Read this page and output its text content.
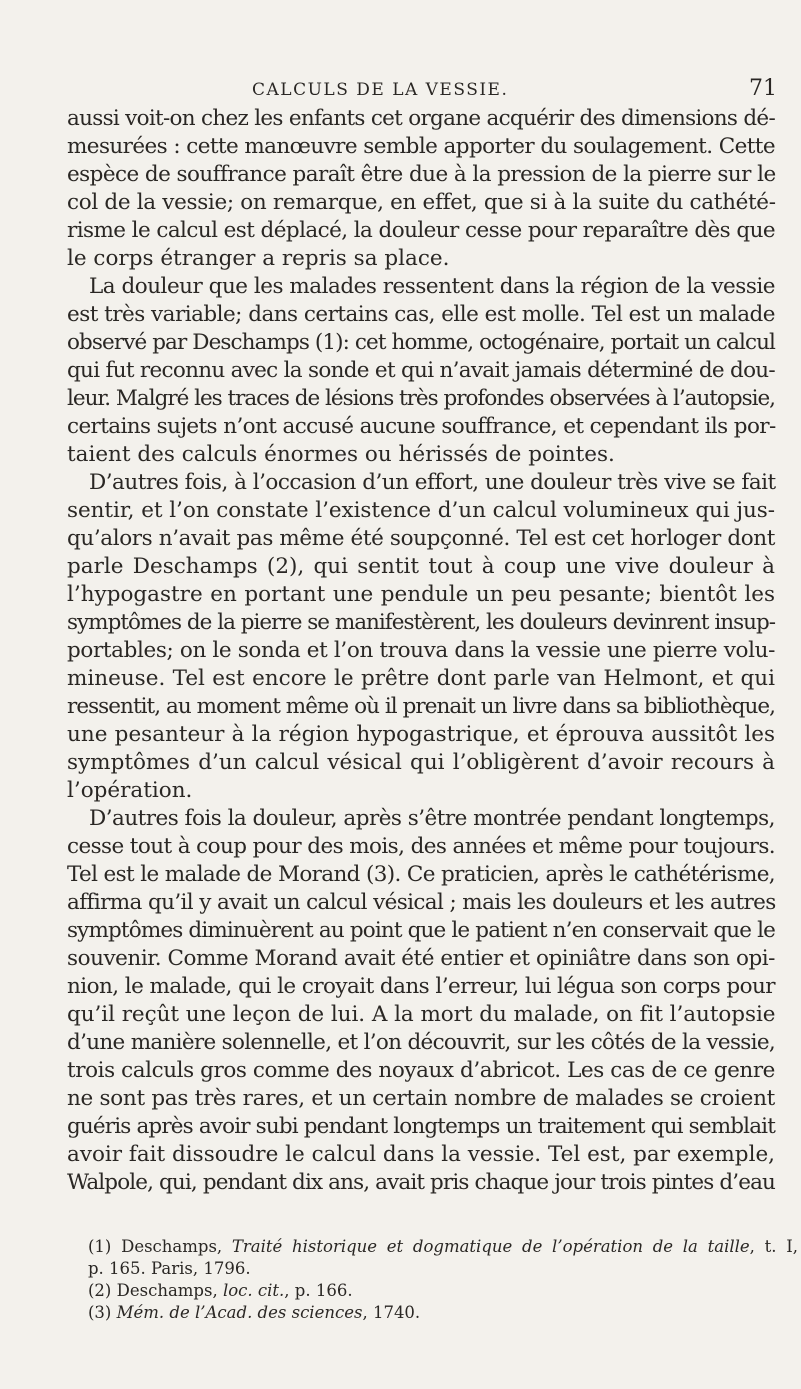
CALCULS DE LA VESSIE.	71
aussi voit-on chez les enfants cet organe acquérir des dimensions dé-
mesurées : cette manœuvre semble apporter du soulagement. Cette
espèce de souffrance paraît être due à la pression de la pierre sur le
col de la vessie; on remarque, en effet, que si à la suite du cathété-
risme le calcul est déplacé, la douleur cesse pour reparaître dès que
le corps étranger a repris sa place.
La douleur que les malades ressentent dans la région de la vessie
est très variable; dans certains cas, elle est molle. Tel est un malade
observé par Deschamps (1): cet homme, octogénaire, portait un calcul
qui fut reconnu avec la sonde et qui n’avait jamais déterminé de dou-
leur. Malgré les traces de lésions très profondes observées à l’autopsie,
certains sujets n’ont accusé aucune souffrance, et cependant ils por-
taient des calculs énormes ou hérissés de pointes.
D’autres fois, à l’occasion d’un effort, une douleur très vive se fait
sentir, et l’on constate l’existence d’un calcul volumineux qui jus-
qu’alors n’avait pas même été soupçonné. Tel est cet horloger dont
parle Deschamps (2), qui sentit tout à coup une vive douleur à
l’hypogastre en portant une pendule un peu pesante; bientôt les
symptômes de la pierre se manifestèrent, les douleurs devinrent insup-
portables; on le sonda et l’on trouva dans la vessie une pierre volu-
mineuse. Tel est encore le prêtre dont parle van Helmont, et qui
ressentit, au moment même où il prenait un livre dans sa bibliothèque,
une pesanteur à la région hypogastrique, et éprouva aussitôt les
symptômes d’un calcul vésical qui l’obligèrent d’avoir recours à
l’opération.
D’autres fois la douleur, après s’être montrée pendant longtemps,
cesse tout à coup pour des mois, des années et même pour toujours.
Tel est le malade de Morand (3). Ce praticien, après le cathétérisme,
affirma qu’il y avait un calcul vésical ; mais les douleurs et les autres
symptômes diminuèrent au point que le patient n’en conservait que le
souvenir. Comme Morand avait été entier et opiniâtre dans son opi-
nion, le malade, qui le croyait dans l’erreur, lui légua son corps pour
qu’il reçût une leçon de lui. A la mort du malade, on fit l’autopsie
d’une manière solennelle, et l’on découvrit, sur les côtés de la vessie,
trois calculs gros comme des noyaux d’abricot. Les cas de ce genre
ne sont pas très rares, et un certain nombre de malades se croient
guéris après avoir subi pendant longtemps un traitement qui semblait
avoir fait dissoudre le calcul dans la vessie. Tel est, par exemple,
Walpole, qui, pendant dix ans, avait pris chaque jour trois pintes d’eau
(1) Deschamps, Traité historique et dogmatique de l’opération de la taille, t. I,
p. 165. Paris, 1796.
(2) Deschamps, loc. cit., p. 166.
(3) Mém. de l’Acad. des sciences, 1740.
